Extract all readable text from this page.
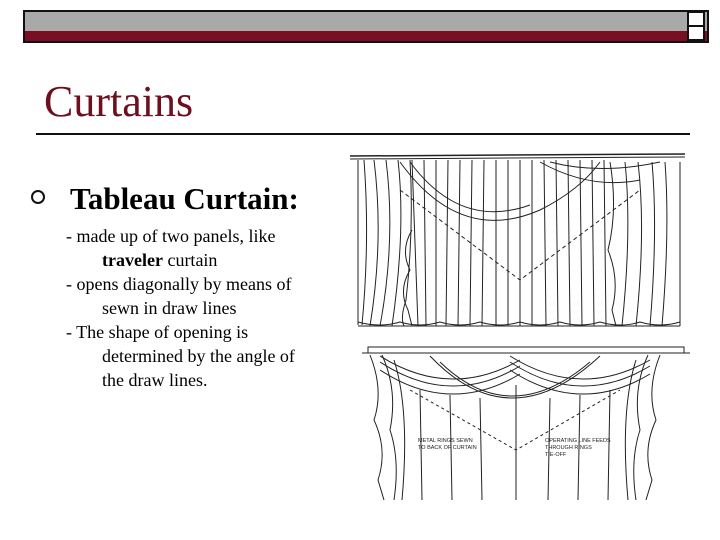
Curtains
Tableau Curtain:
- made up of two panels, like
traveler curtain
- opens diagonally by means of
sewn in draw lines
- The shape of opening is
determined by the angle of
the draw lines.
METAL RINGS SEWN
TO BACK OF CURTAIN
OPERATING LINE FEEDS
THROUGH RINGS
TIE-OFF
